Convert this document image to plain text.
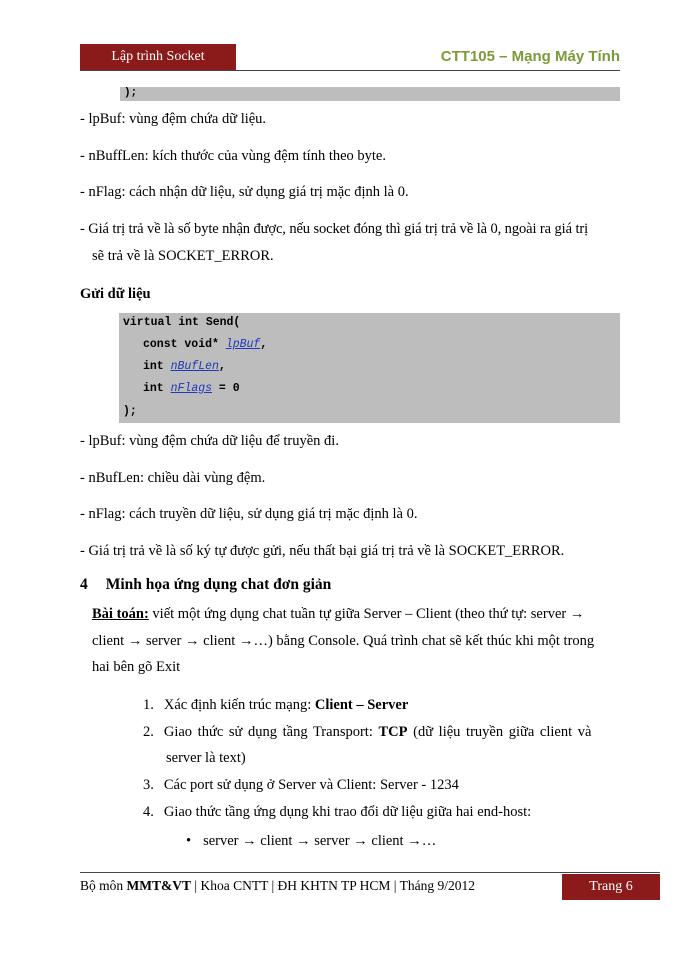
Lập trình Socket	CTT105 – Mạng Máy Tính
);
- lpBuf: vùng đệm chứa dữ liệu.
- nBuffLen: kích thước của vùng đệm tính theo byte.
- nFlag: cách nhận dữ liệu, sử dụng giá trị mặc định là 0.
- Giá trị trả về là số byte nhận được, nếu socket đóng thì giá trị trả về là 0, ngoài ra giá trị
sẽ trả về là SOCKET_ERROR.
Gửi dữ liệu
virtual int Send(
const void* lpBuf,
int nBufLen,
int nFlags = 0
);
- lpBuf: vùng đệm chứa dữ liệu để truyền đi.
- nBufLen: chiều dài vùng đệm.
- nFlag: cách truyền dữ liệu, sử dụng giá trị mặc định là 0.
- Giá trị trả về là số ký tự được gửi, nếu thất bại giá trị trả về là SOCKET_ERROR.
4 Minh họa ứng dụng chat đơn giản
Bài toán: viết một ứng dụng chat tuần tự giữa Server – Client (theo thứ tự: server →
client → server → client →…) bằng Console. Quá trình chat sẽ kết thúc khi một trong
hai bên gõ Exit
1. Xác định kiến trúc mạng: Client – Server
2. Giao thức sử dụng tầng Transport: TCP (dữ liệu truyền giữa client và
server là text)
3. Các port sử dụng ở Server và Client: Server - 1234
4. Giao thức tầng ứng dụng khi trao đổi dữ liệu giữa hai end-host:
• server → client → server → client →…
Bộ môn MMT&VT | Khoa CNTT | ĐH KHTN TP HCM | Tháng 9/2012	Trang 6
